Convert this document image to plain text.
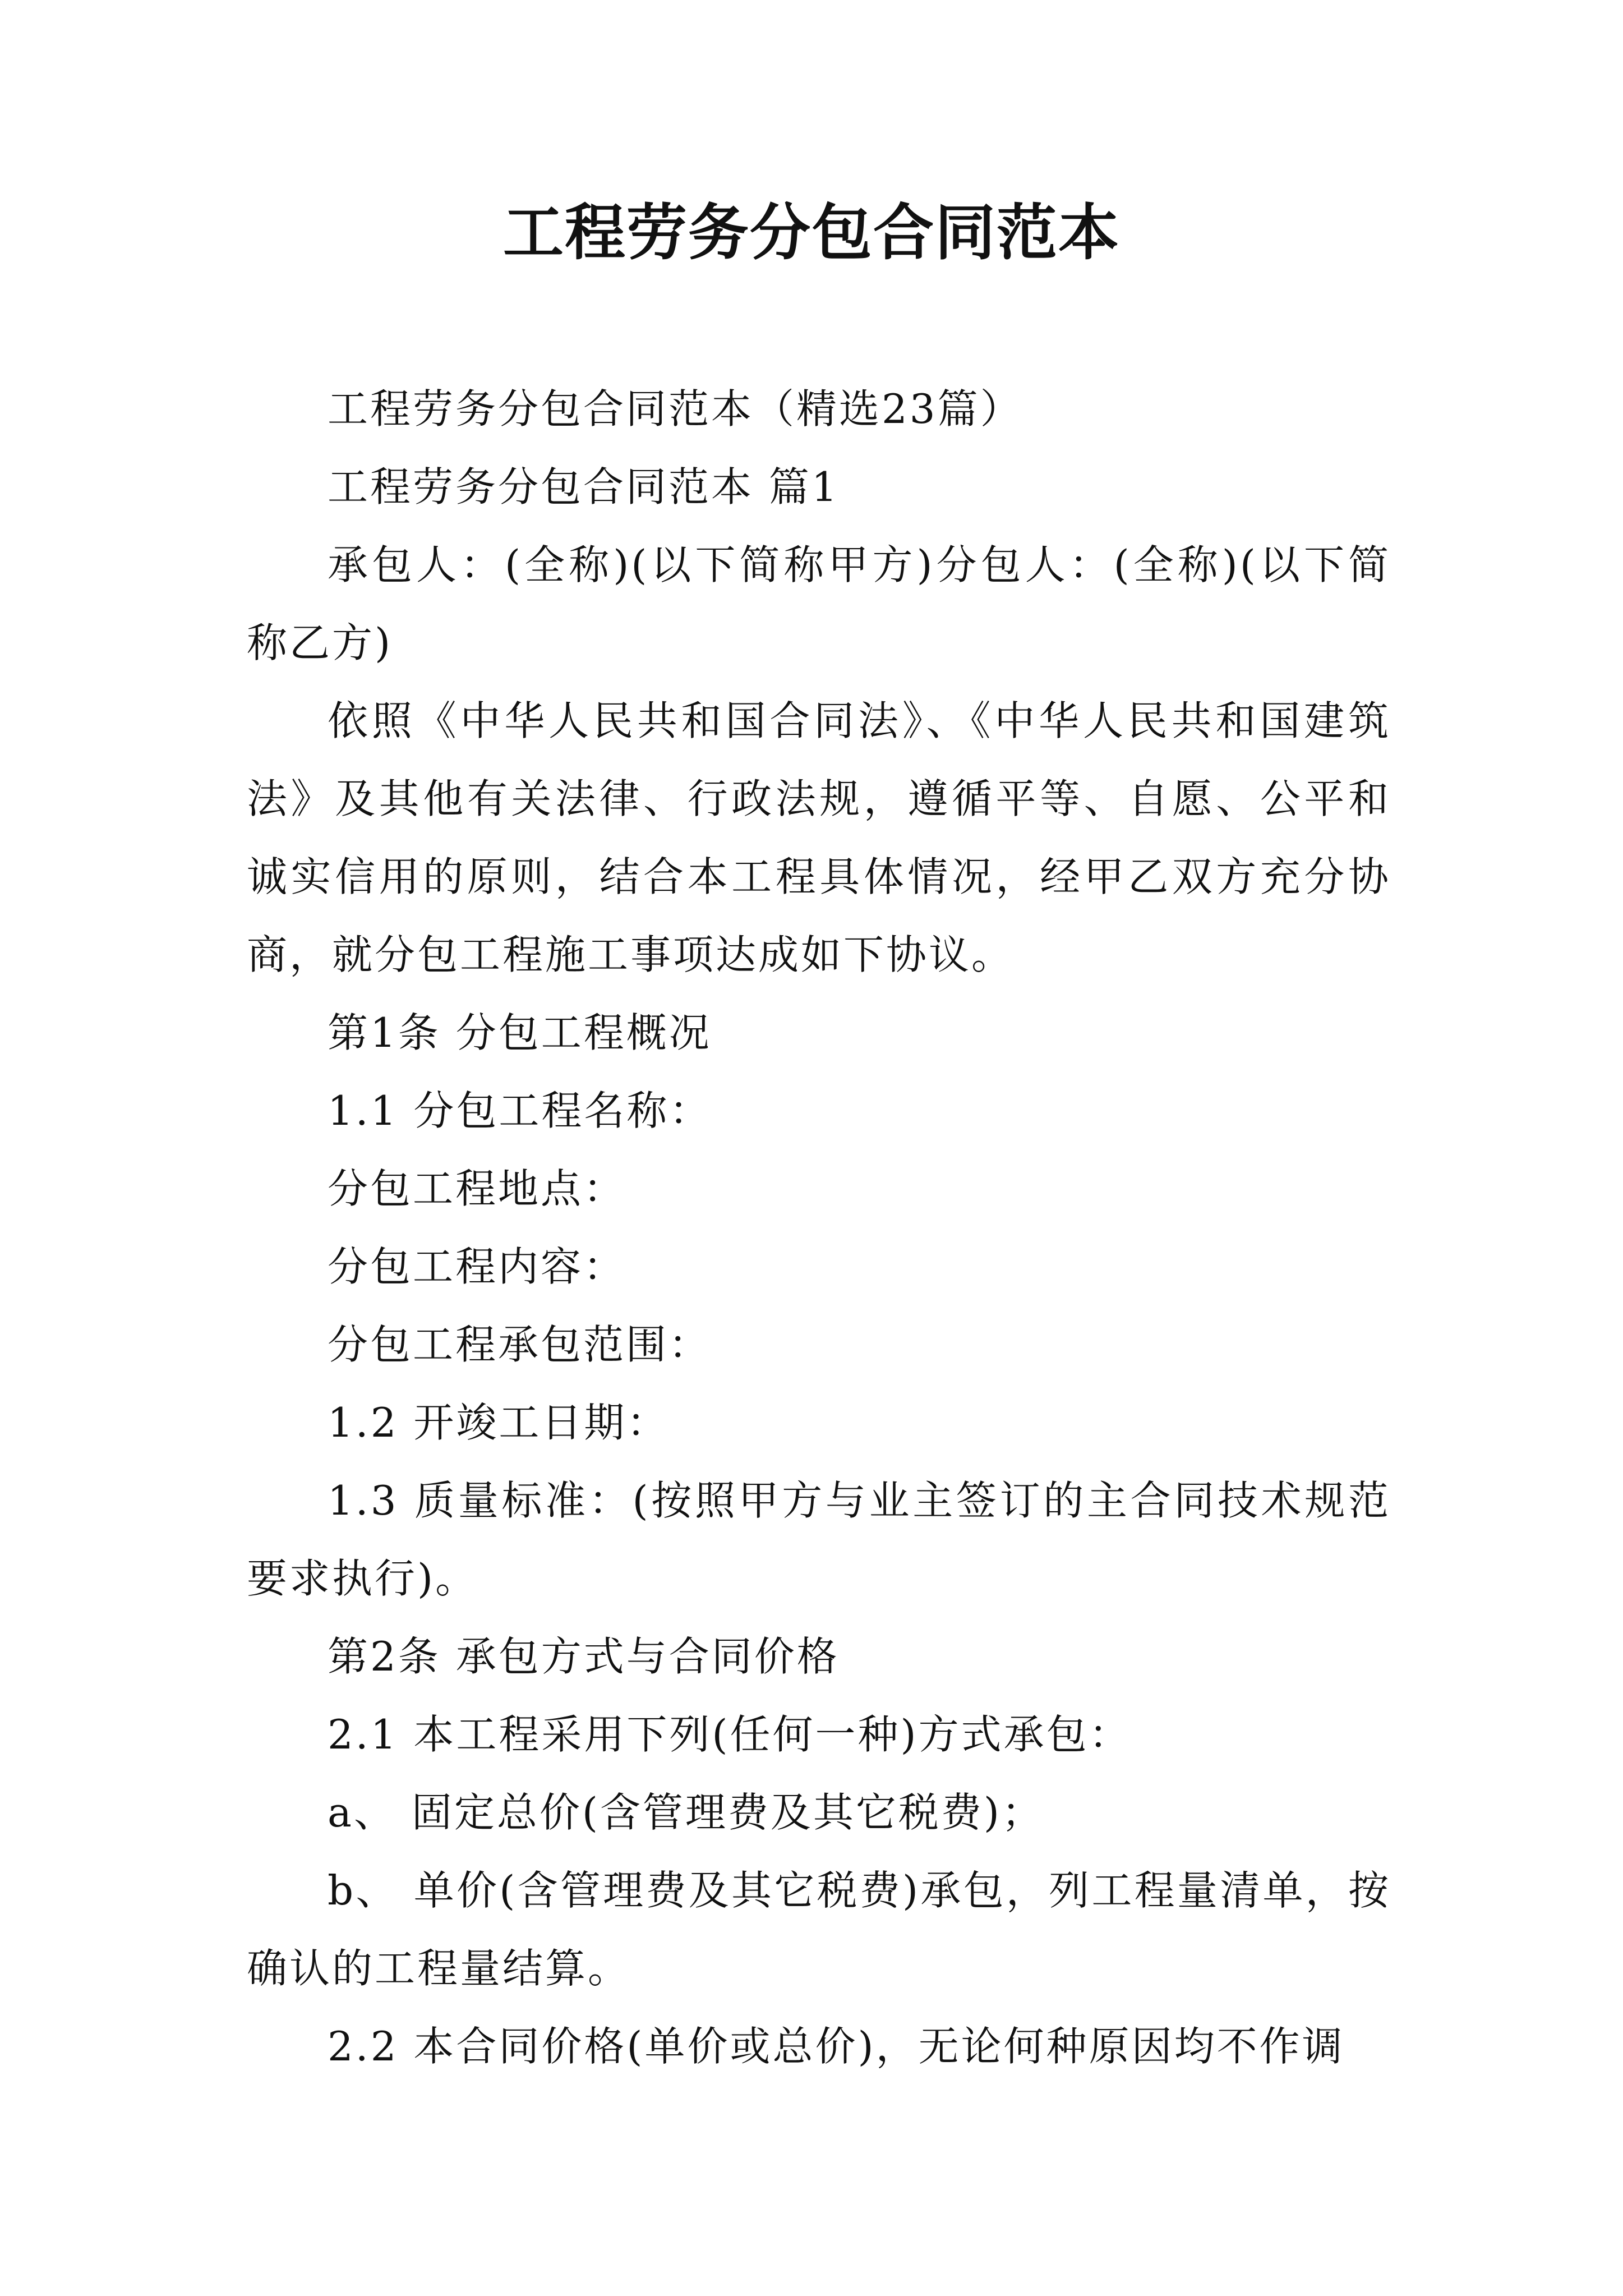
工程劳务分包合同范本

工程劳务分包合同范本（精选23篇）

工程劳务分包合同范本 篇1

承包人：(全称)(以下简称甲方)分包人：(全称)(以下简称乙方)

依照《中华人民共和国合同法》、《中华人民共和国建筑法》及其他有关法律、行政法规，遵循平等、自愿、公平和诚实信用的原则，结合本工程具体情况，经甲乙双方充分协商，就分包工程施工事项达成如下协议。

第1条 分包工程概况

1.1 分包工程名称：

分包工程地点：

分包工程内容：

分包工程承包范围：

1.2 开竣工日期：

1.3 质量标准：(按照甲方与业主签订的主合同技术规范要求执行)。

第2条 承包方式与合同价格

2.1 本工程采用下列(任何一种)方式承包：

a、 固定总价(含管理费及其它税费)；

b、 单价(含管理费及其它税费)承包，列工程量清单，按确认的工程量结算。

2.2 本合同价格(单价或总价)，无论何种原因均不作调
